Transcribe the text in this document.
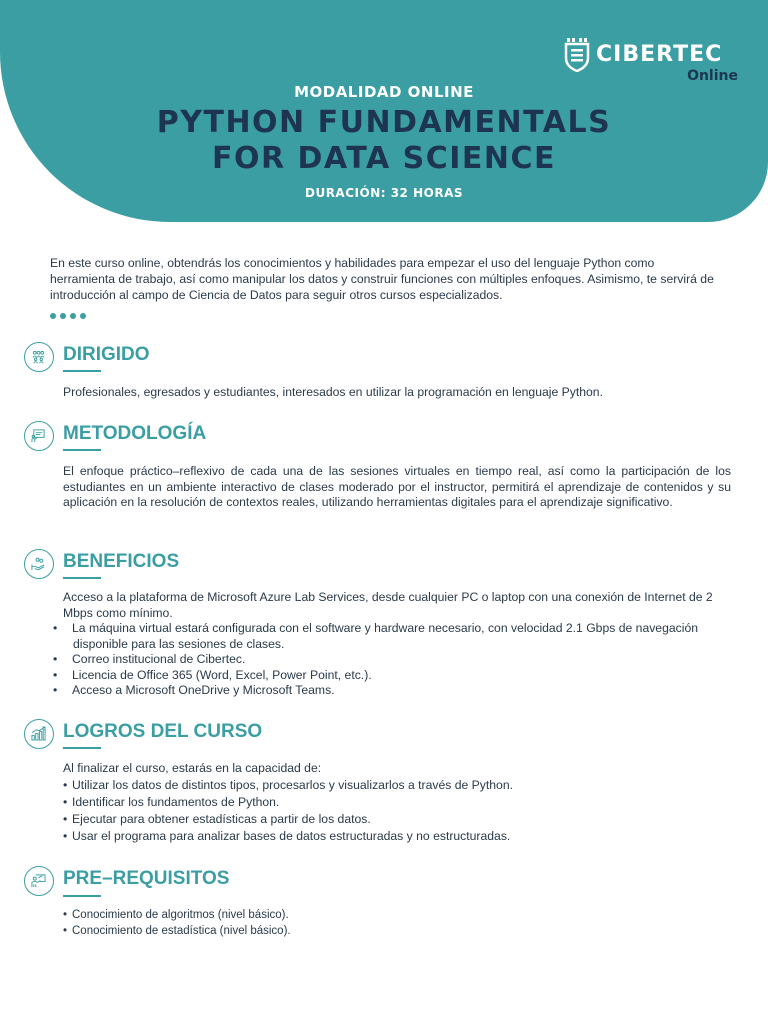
CIBERTEC
Online
MODALIDAD ONLINE
PYTHON FUNDAMENTALS
FOR DATA SCIENCE
DURACIÓN: 32 HORAS

En este curso online, obtendrás los conocimientos y habilidades para empezar el uso del lenguaje Python como herramienta de trabajo, así como manipular los datos y construir funciones con múltiples enfoques. Asimismo, te servirá de introducción al campo de Ciencia de Datos para seguir otros cursos especializados.

DIRIGIDO

Profesionales, egresados y estudiantes, interesados en utilizar la programación en lenguaje Python.

METODOLOGÍA

El enfoque práctico–reflexivo de cada una de las sesiones virtuales en tiempo real, así como la participación de los estudiantes en un ambiente interactivo de clases moderado por el instructor, permitirá el aprendizaje de contenidos y su aplicación en la resolución de contextos reales, utilizando herramientas digitales para el aprendizaje significativo.

BENEFICIOS

Acceso a la plataforma de Microsoft Azure Lab Services, desde cualquier PC o laptop con una conexión de Internet de 2 Mbps como mínimo.

• La máquina virtual estará configurada con el software y hardware necesario, con velocidad 2.1 Gbps de navegación disponible para las sesiones de clases.
• Correo institucional de Cibertec.
• Licencia de Office 365 (Word, Excel, Power Point, etc.).
• Acceso a Microsoft OneDrive y Microsoft Teams.
LOGROS DEL CURSO

Al finalizar el curso, estarás en la capacidad de:

• Utilizar los datos de distintos tipos, procesarlos y visualizarlos a través de Python.
• Identificar los fundamentos de Python.
• Ejecutar para obtener estadísticas a partir de los datos.
• Usar el programa para analizar bases de datos estructuradas y no estructuradas.
PRE–REQUISITOS
• Conocimiento de algoritmos (nivel básico).
• Conocimiento de estadística (nivel básico).
